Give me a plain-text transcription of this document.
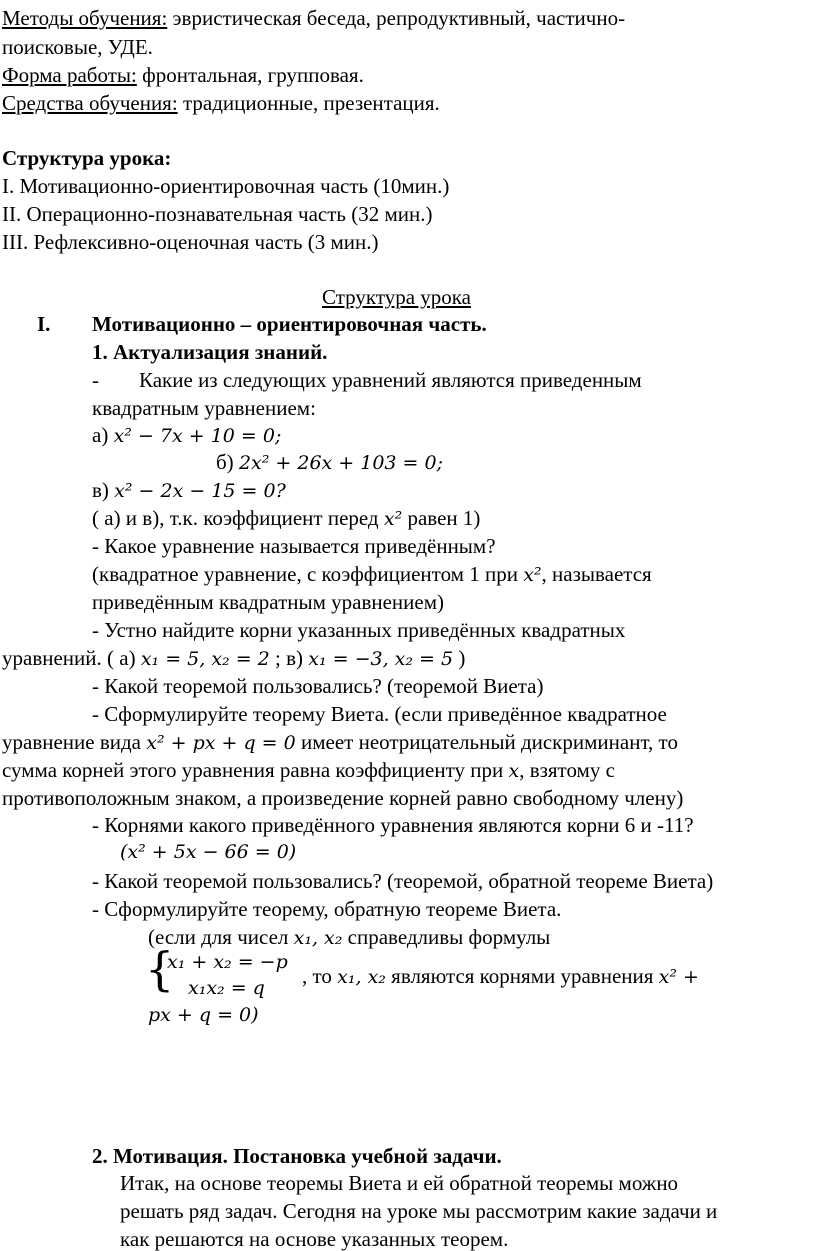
Методы обучения: эвристическая беседа, репродуктивный, частично-
поисковые, УДЕ.
Форма работы: фронтальная, групповая.
Средства обучения: традиционные, презентация.
Структура урока:
I. Мотивационно-ориентировочная часть (10мин.)
II. Операционно-познавательная часть (32 мин.)
III. Рефлексивно-оценочная часть (3 мин.)
Структура урока
I. Мотивационно – ориентировочная часть.
1. Актуализация знаний.
- Какие из следующих уравнений являются приведенным
квадратным уравнением:
а) x² − 7x + 10 = 0;
б) 2x² + 26x + 103 = 0;
в) x² − 2x − 15 = 0?
( а) и в), т.к. коэффициент перед x² равен 1)
- Какое уравнение называется приведённым?
(квадратное уравнение, с коэффициентом 1 при x², называется
приведённым квадратным уравнением)
- Устно найдите корни указанных приведённых квадратных
уравнений. ( а) x₁ = 5, x₂ = 2 ; в) x₁ = −3, x₂ = 5 )
- Какой теоремой пользовались? (теоремой Виета)
- Сформулируйте теорему Виета. (если приведённое квадратное
уравнение вида x² + px + q = 0 имеет неотрицательный дискриминант, то
сумма корней этого уравнения равна коэффициенту при x, взятому с
противоположным знаком, а произведение корней равно свободному члену)
- Корнями какого приведённого уравнения являются корни 6 и -11?
(x² + 5x − 66 = 0)
- Какой теоремой пользовались? (теоремой, обратной теореме Виета)
- Сформулируйте теорему, обратную теореме Виета.
(если для чисел x₁, x₂ справедливы формулы
{
x₁ + x₂ = −p
x₁x₂ = q , то x₁, x₂ являются корнями уравнения x² +
px + q = 0)
2. Мотивация. Постановка учебной задачи.
Итак, на основе теоремы Виета и ей обратной теоремы можно
решать ряд задач. Сегодня на уроке мы рассмотрим какие задачи и
как решаются на основе указанных теорем.
